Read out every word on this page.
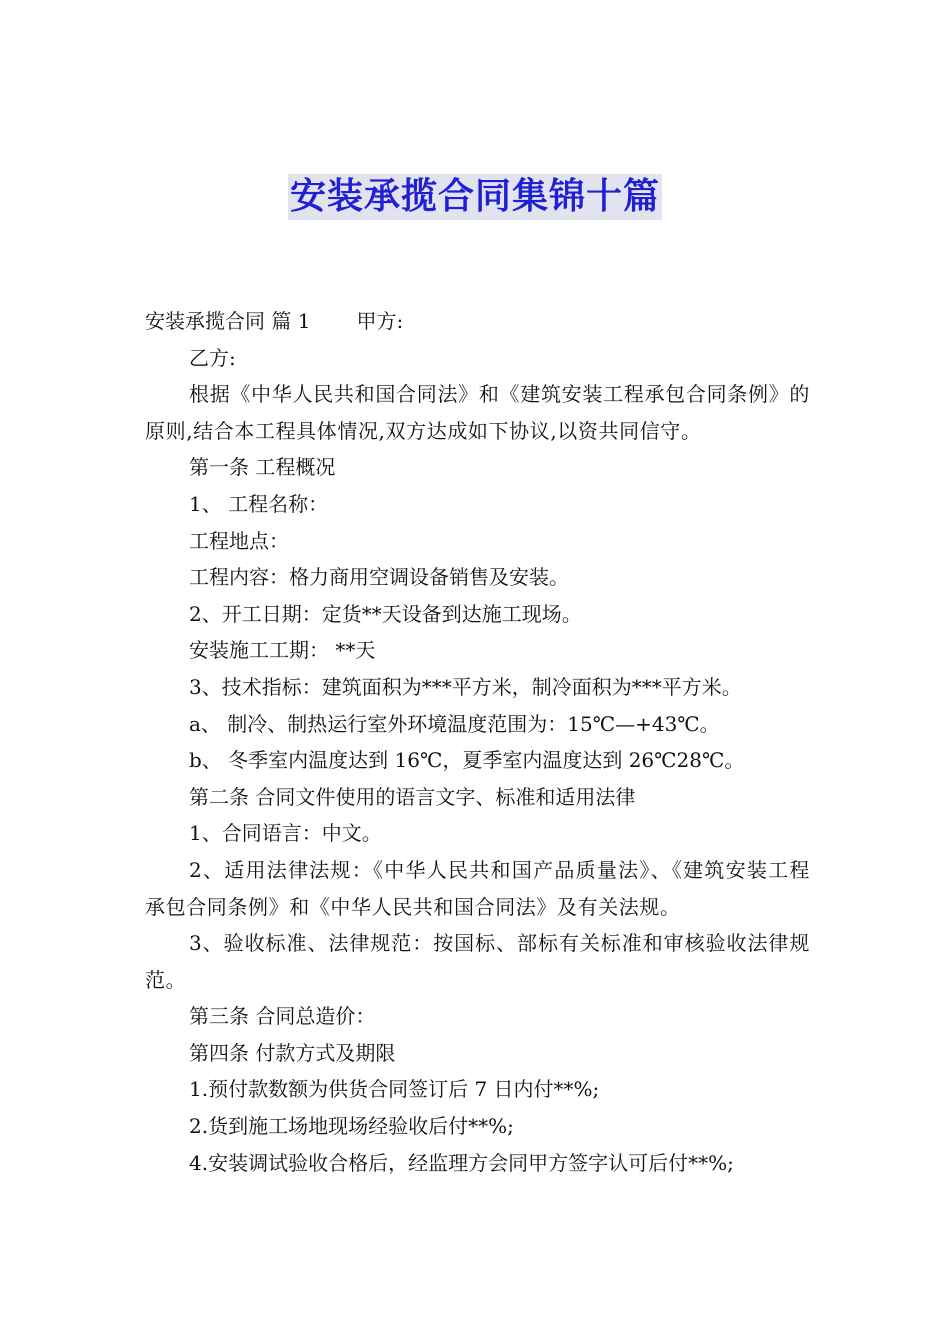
安装承揽合同集锦十篇

安装承揽合同 篇 1 甲方:

乙方:

根据《中华人民共和国合同法》和《建筑安装工程承包合同条例》的原则,结合本工程具体情况,双方达成如下协议,以资共同信守。

第一条 工程概况

1、 工程名称：

工程地点：

工程内容：格力商用空调设备销售及安装。

2、开工日期：定货**天设备到达施工现场。

安装施工工期： **天

3、技术指标：建筑面积为***平方米，制冷面积为***平方米。

a、 制冷、制热运行室外环境温度范围为：15℃—+43℃。

b、 冬季室内温度达到 16℃，夏季室内温度达到 26℃28℃。

第二条 合同文件使用的语言文字、标准和适用法律

1、合同语言：中文。

2、适用法律法规：《中华人民共和国产品质量法》、《建筑安装工程承包合同条例》和《中华人民共和国合同法》及有关法规。

3、验收标准、法律规范：按国标、部标有关标准和审核验收法律规范。

第三条 合同总造价：

第四条 付款方式及期限

1.预付款数额为供货合同签订后 7 日内付**%;

2.货到施工场地现场经验收后付**%;

4.安装调试验收合格后，经监理方会同甲方签字认可后付**%;
